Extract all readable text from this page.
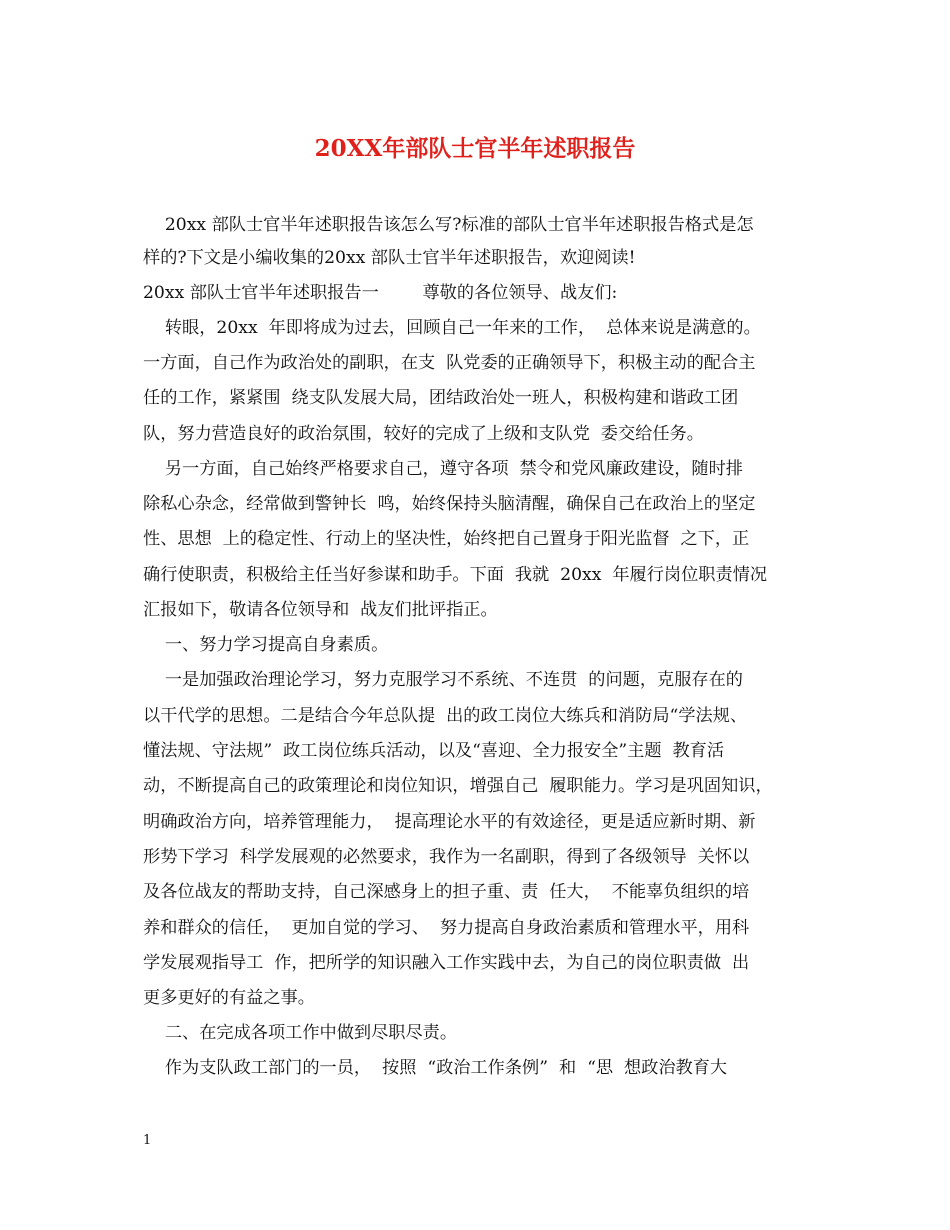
20XX年部队士官半年述职报告
20xx 部队士官半年述职报告该怎么写?标准的部队士官半年述职报告格式是怎
样的?下文是小编收集的20xx 部队士官半年述职报告，欢迎阅读!
20xx 部队士官半年述职报告一        尊敬的各位领导、战友们:
转眼，20xx  年即将成为过去，回顾自己一年来的工作，  总体来说是满意的。
一方面，自己作为政治处的副职，在支  队党委的正确领导下，积极主动的配合主
任的工作，紧紧围  绕支队发展大局，团结政治处一班人，积极构建和谐政工团
队，努力营造良好的政治氛围，较好的完成了上级和支队党  委交给任务。
另一方面，自己始终严格要求自己，遵守各项  禁令和党风廉政建设，随时排
除私心杂念，经常做到警钟长  鸣，始终保持头脑清醒，确保自己在政治上的坚定
性、思想  上的稳定性、行动上的坚决性，始终把自己置身于阳光监督  之下，正
确行使职责，积极给主任当好参谋和助手。下面  我就  20xx  年履行岗位职责情况
汇报如下，敬请各位领导和  战友们批评指正。
一、努力学习提高自身素质。
一是加强政治理论学习，努力克服学习不系统、不连贯  的问题，克服存在的
以干代学的思想。二是结合今年总队提  出的政工岗位大练兵和消防局“学法规、
懂法规、守法规”  政工岗位练兵活动，以及“喜迎、全力报安全”主题  教育活
动，不断提高自己的政策理论和岗位知识，增强自己  履职能力。学习是巩固知识，
明确政治方向，培养管理能力，  提高理论水平的有效途径，更是适应新时期、新
形势下学习  科学发展观的必然要求，我作为一名副职，得到了各级领导  关怀以
及各位战友的帮助支持，自己深感身上的担子重、责  任大，  不能辜负组织的培
养和群众的信任，  更加自觉的学习、  努力提高自身政治素质和管理水平，用科
学发展观指导工  作，把所学的知识融入工作实践中去，为自己的岗位职责做  出
更多更好的有益之事。
二、在完成各项工作中做到尽职尽责。
作为支队政工部门的一员，  按照  “政治工作条例”  和  “思  想政治教育大
1
